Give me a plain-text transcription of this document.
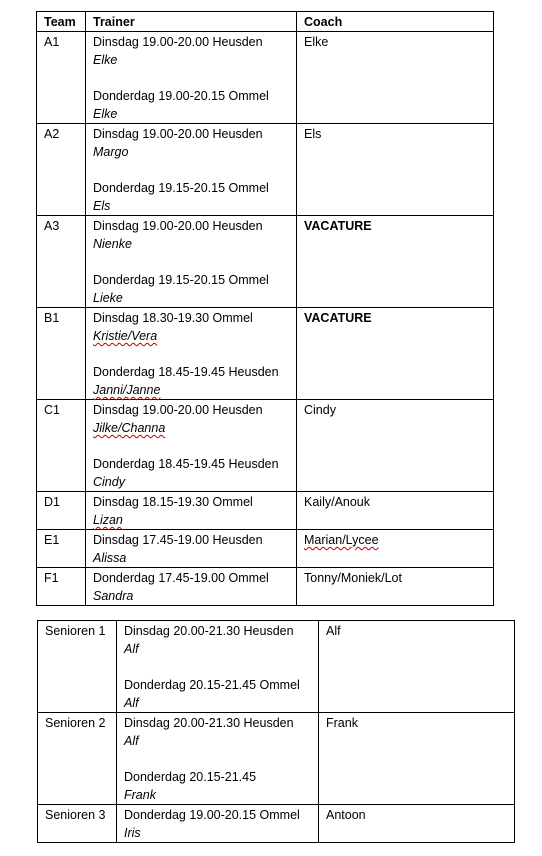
Team	Trainer	Coach
A1	Dinsdag 19.00-20.00 Heusden
Elke
Donderdag 19.00-20.15 Ommel
Elke	Elke
A2	Dinsdag 19.00-20.00 Heusden
Margo
Donderdag 19.15-20.15 Ommel
Els	Els
A3	Dinsdag 19.00-20.00 Heusden
Nienke
Donderdag 19.15-20.15 Ommel
Lieke	VACATURE
B1	Dinsdag 18.30-19.30 Ommel
Kristie/Vera
Donderdag 18.45-19.45 Heusden
Janni/Janne	VACATURE
C1	Dinsdag 19.00-20.00 Heusden
Jilke/Channa
Donderdag 18.45-19.45 Heusden
Cindy	Cindy
D1	Dinsdag 18.15-19.30 Ommel
Lizan	Kaily/Anouk
E1	Dinsdag 17.45-19.00 Heusden
Alissa	Marian/Lycee
F1	Donderdag 17.45-19.00 Ommel
Sandra	Tonny/Moniek/Lot
Senioren 1	Dinsdag 20.00-21.30 Heusden
Alf
Donderdag 20.15-21.45 Ommel
Alf	Alf
Senioren 2	Dinsdag 20.00-21.30 Heusden
Alf
Donderdag 20.15-21.45
Frank	Frank
Senioren 3	Donderdag 19.00-20.15 Ommel
Iris	Antoon
